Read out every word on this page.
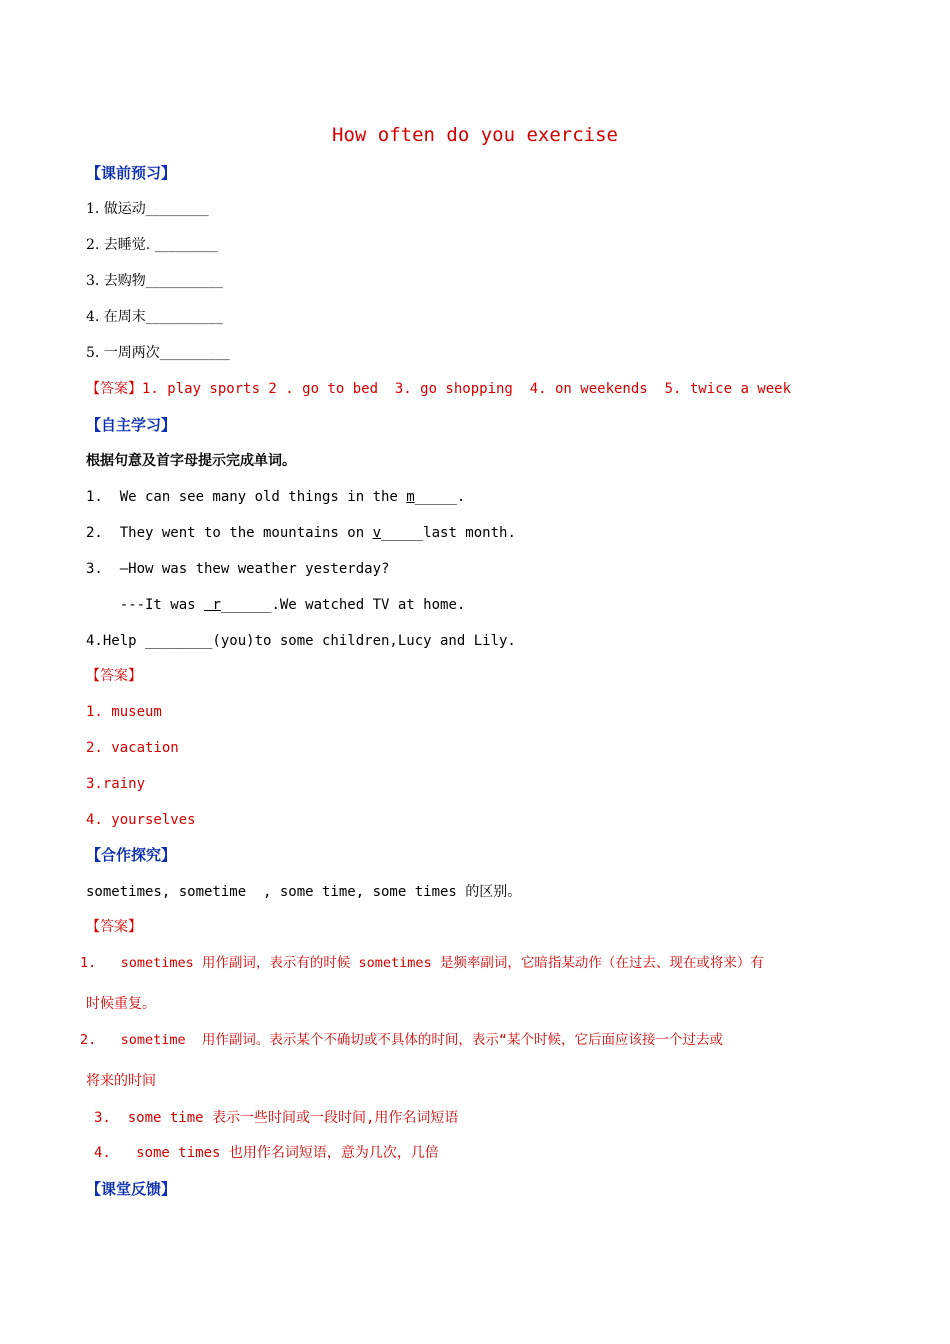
How often do you exercise
【课前预习】
1. 做运动_________
2. 去睡觉. _________
3. 去购物___________
4. 在周末___________
5. 一周两次__________
【答案】1. play sports 2 . go to bed  3. go shopping  4. on weekends  5. twice a week
【自主学习】
根据句意及首字母提示完成单词。
1.  We can see many old things in the m_____.
2.  They went to the mountains on v_____last month.
3.  –How was thew weather yesterday?
---It was  r______.We watched TV at home.
4.Help ________(you)to some children,Lucy and Lily.
【答案】
1. museum
2. vacation
3.rainy
4. yourselves
【合作探究】
sometimes, sometime  , some time, some times 的区别。
【答案】
1.   sometimes 用作副词，表示有的时候 sometimes 是频率副词，它暗指某动作（在过去、现在或将来）有
时候重复。
2.   sometime  用作副词。表示某个不确切或不具体的时间，表示“某个时候，它后面应该接一个过去或
将来的时间
3.  some time 表示一些时间或一段时间,用作名词短语
4.   some times 也用作名词短语，意为几次，几倍
【课堂反馈】
